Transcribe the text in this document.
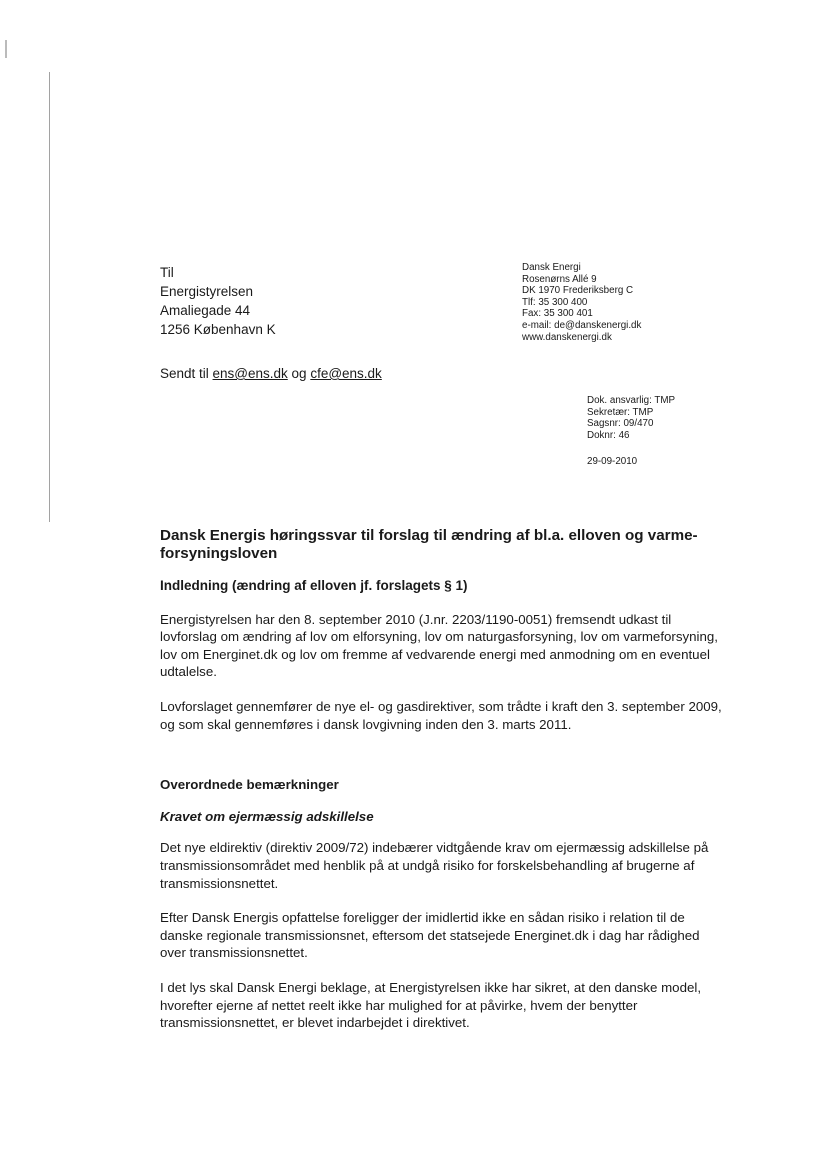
Til
Energistyrelsen
Amaliegade 44
1256 København K
Dansk Energi
Rosenørns Allé 9
DK 1970 Frederiksberg C
Tlf: 35 300 400
Fax: 35 300 401
e-mail: de@danskenergi.dk
www.danskenergi.dk
Sendt til ens@ens.dk og cfe@ens.dk
Dok. ansvarlig: TMP
Sekretær: TMP
Sagsnr: 09/470
Doknr: 46
29-09-2010
Dansk Energis høringssvar til forslag til ændring af bl.a. elloven og varme-forsyningsloven
Indledning (ændring af elloven jf. forslagets § 1)

Energistyrelsen har den 8. september 2010 (J.nr. 2203/1190-0051) fremsendt udkast til lovforslag om ændring af lov om elforsyning, lov om naturgasforsyning, lov om varmeforsyning, lov om Energinet.dk og lov om fremme af vedvarende energi med anmodning om en eventuel udtalelse.

Lovforslaget gennemfører de nye el- og gasdirektiver, som trådte i kraft den 3. september 2009, og som skal gennemføres i dansk lovgivning inden den 3. marts 2011.

Overordnede bemærkninger
Kravet om ejermæssig adskillelse

Det nye eldirektiv (direktiv 2009/72) indebærer vidtgående krav om ejermæssig adskillelse på transmissionsområdet med henblik på at undgå risiko for forskelsbehandling af brugerne af transmissionsnettet.

Efter Dansk Energis opfattelse foreligger der imidlertid ikke en sådan risiko i relation til de danske regionale transmissionsnet, eftersom det statsejede Energinet.dk i dag har rådighed over transmissionsnettet.

I det lys skal Dansk Energi beklage, at Energistyrelsen ikke har sikret, at den danske model, hvorefter ejerne af nettet reelt ikke har mulighed for at påvirke, hvem der benytter transmissionsnettet, er blevet indarbejdet i direktivet.
